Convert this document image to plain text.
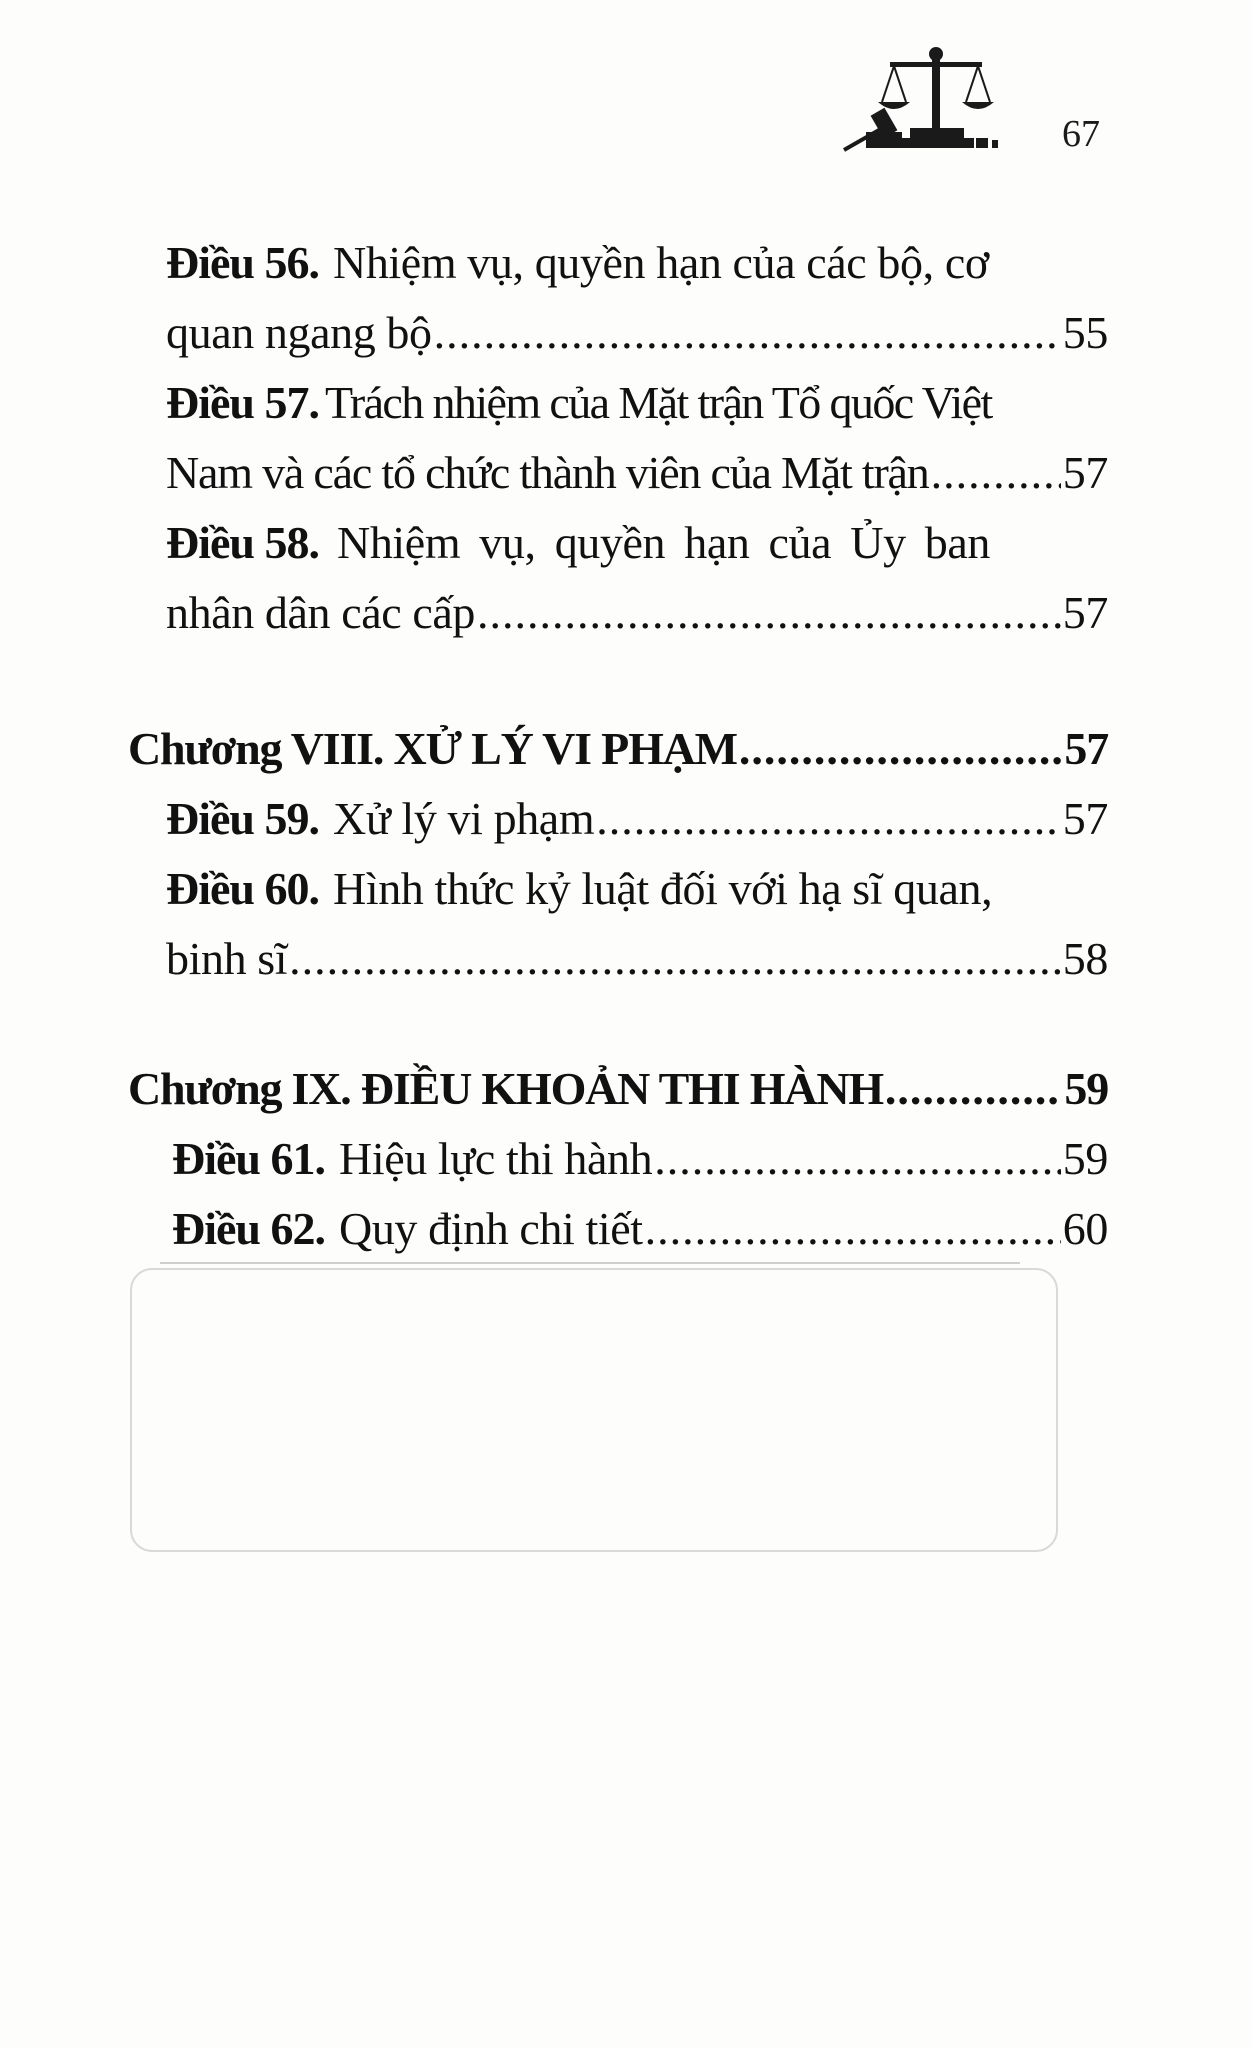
67
Điều 56. Nhiệm vụ, quyền hạn của các bộ, cơ
quan ngang bộ .....	55
Điều 57. Trách nhiệm của Mặt trận Tổ quốc Việt
Nam và các tổ chức thành viên của Mặt trận .....	57
Điều 58. Nhiệm vụ, quyền hạn của Ủy ban
nhân dân các cấp .....	57
Chương VIII. XỬ LÝ VI PHẠM .....	57
Điều 59. Xử lý vi phạm .....	57
Điều 60. Hình thức kỷ luật đối với hạ sĩ quan,
binh sĩ .....	58
Chương IX. ĐIỀU KHOẢN THI HÀNH .....	59
Điều 61. Hiệu lực thi hành .....	59
Điều 62. Quy định chi tiết .....	60
